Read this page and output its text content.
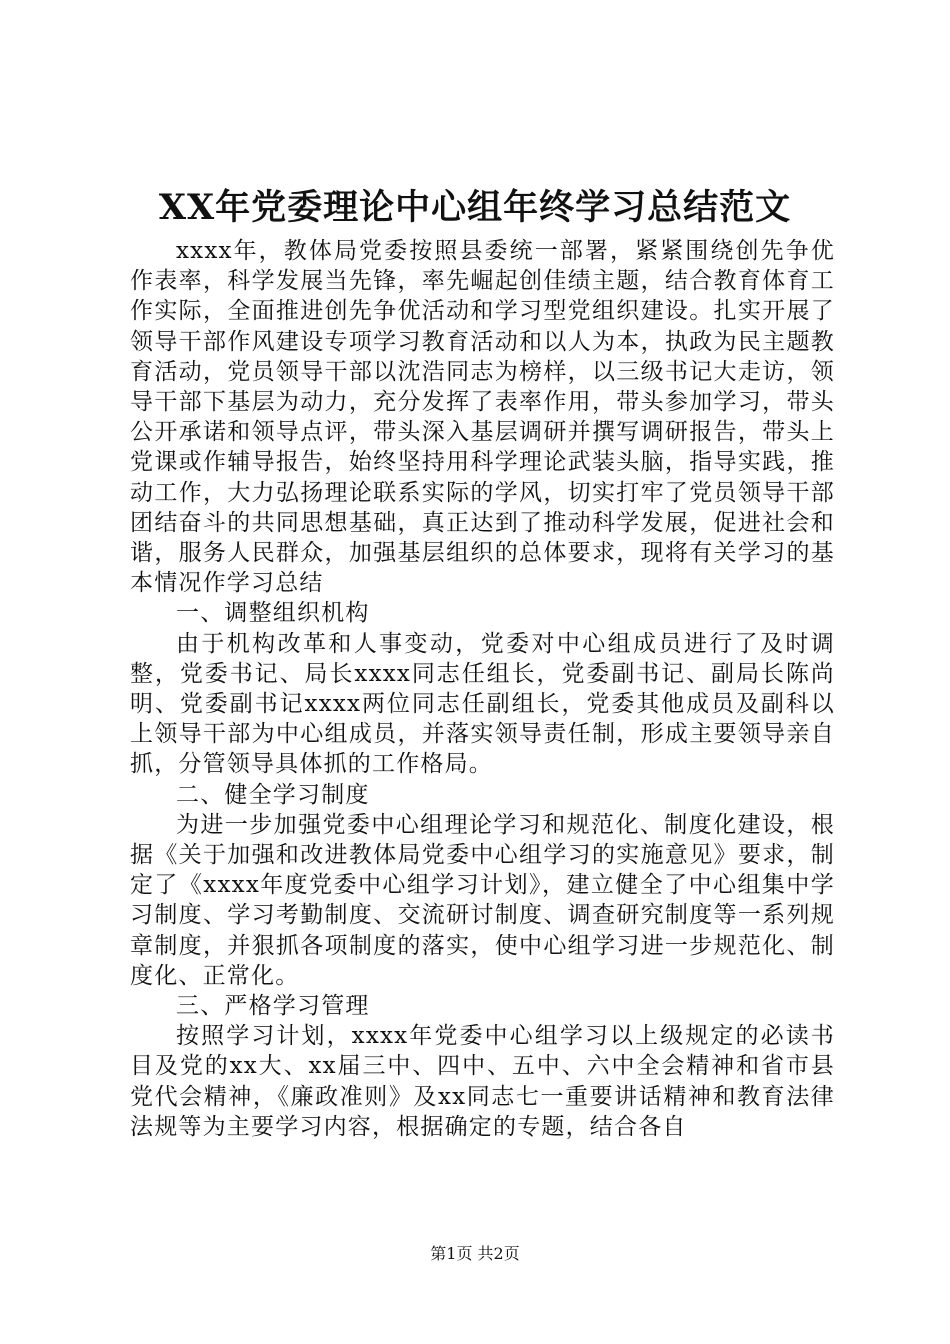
XX年党委理论中心组年终学习总结范文

xxxx年，教体局党委按照县委统一部署，紧紧围绕创先争优作表率，科学发展当先锋，率先崛起创佳绩主题，结合教育体育工作实际，全面推进创先争优活动和学习型党组织建设。扎实开展了领导干部作风建设专项学习教育活动和以人为本，执政为民主题教育活动，党员领导干部以沈浩同志为榜样，以三级书记大走访，领导干部下基层为动力，充分发挥了表率作用，带头参加学习，带头公开承诺和领导点评，带头深入基层调研并撰写调研报告，带头上党课或作辅导报告，始终坚持用科学理论武装头脑，指导实践，推动工作，大力弘扬理论联系实际的学风，切实打牢了党员领导干部团结奋斗的共同思想基础，真正达到了推动科学发展，促进社会和谐，服务人民群众，加强基层组织的总体要求，现将有关学习的基本情况作学习总结

一、调整组织机构

由于机构改革和人事变动，党委对中心组成员进行了及时调整，党委书记、局长xxxx同志任组长，党委副书记、副局长陈尚明、党委副书记xxxx两位同志任副组长，党委其他成员及副科以上领导干部为中心组成员，并落实领导责任制，形成主要领导亲自抓，分管领导具体抓的工作格局。

二、健全学习制度

为进一步加强党委中心组理论学习和规范化、制度化建设，根据《关于加强和改进教体局党委中心组学习的实施意见》要求，制定了《xxxx年度党委中心组学习计划》，建立健全了中心组集中学习制度、学习考勤制度、交流研讨制度、调查研究制度等一系列规章制度，并狠抓各项制度的落实，使中心组学习进一步规范化、制度化、正常化。

三、严格学习管理

按照学习计划，xxxx年党委中心组学习以上级规定的必读书目及党的xx大、xx届三中、四中、五中、六中全会精神和省市县党代会精神，《廉政准则》及xx同志七一重要讲话精神和教育法律法规等为主要学习内容，根据确定的专题，结合各自

第1页 共2页
